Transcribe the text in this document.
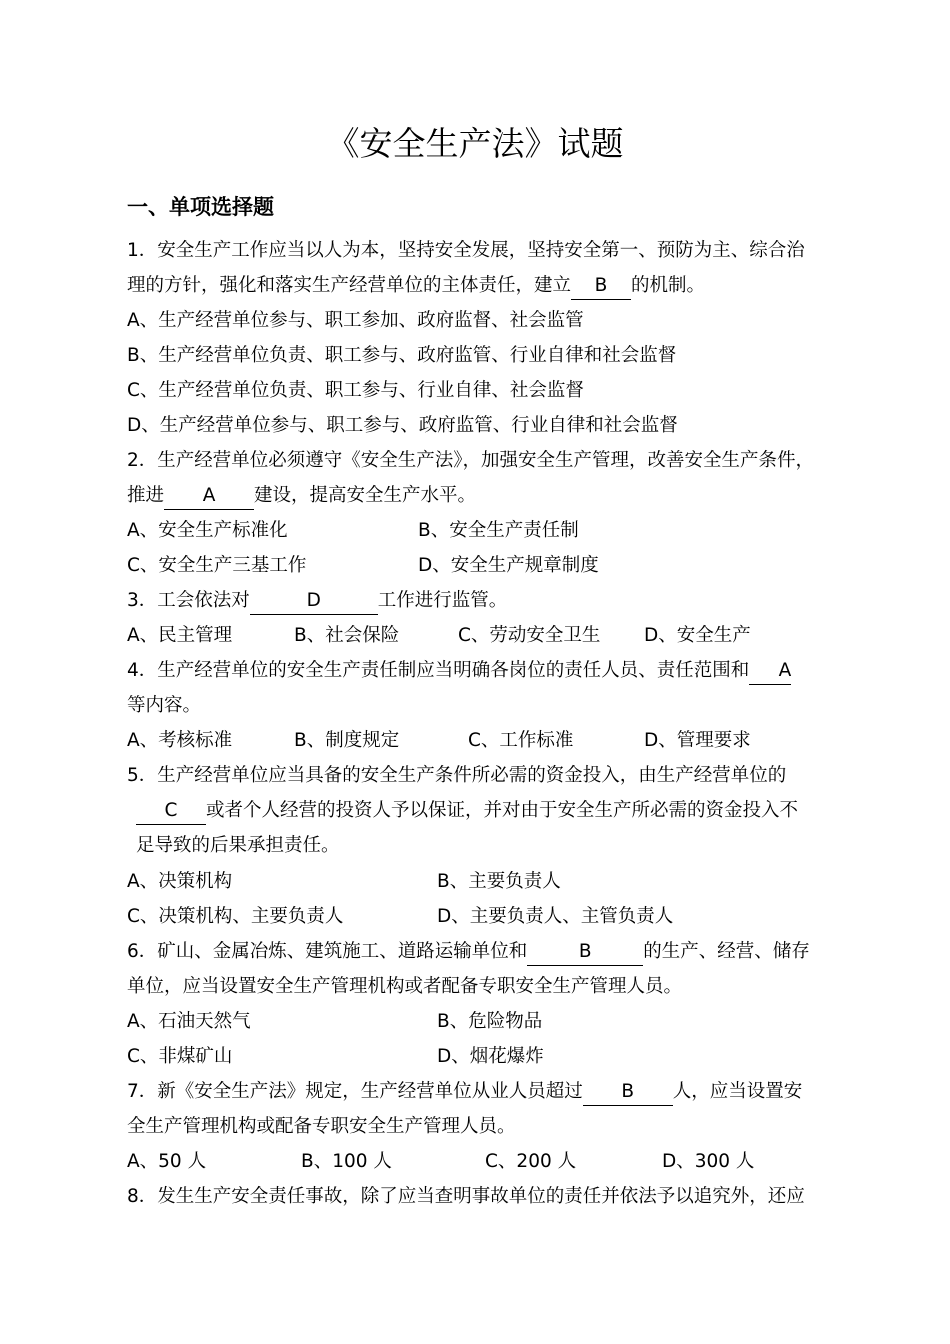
《安全生产法》试题
一、单项选择题
1．安全生产工作应当以人为本，坚持安全发展，坚持安全第一、预防为主、综合治
理的方针，强化和落实生产经营单位的主体责任，建立 B 的机制。
A、生产经营单位参与、职工参加、政府监督、社会监管
B、生产经营单位负责、职工参与、政府监管、行业自律和社会监督
C、生产经营单位负责、职工参与、行业自律、社会监督
D、生产经营单位参与、职工参与、政府监管、行业自律和社会监督
2．生产经营单位必须遵守《安全生产法》，加强安全生产管理，改善安全生产条件，
推进 A 建设，提高安全生产水平。
A、安全生产标准化	B、安全生产责任制
C、安全生产三基工作	D、安全生产规章制度
3．工会依法对	D	工作进行监管。
A、民主管理	B、社会保险	C、劳动安全卫生 D、安全生产
4．生产经营单位的安全生产责任制应当明确各岗位的责任人员、责任范围和 A
等内容。
A、考核标准	B、制度规定	C、工作标准	D、管理要求
5．生产经营单位应当具备的安全生产条件所必需的资金投入，由生产经营单位的
C 或者个人经营的投资人予以保证，并对由于安全生产所必需的资金投入不
足导致的后果承担责任。
A、决策机构	B、主要负责人
C、决策机构、主要负责人	D、主要负责人、主管负责人
6．矿山、金属冶炼、建筑施工、道路运输单位和	B	的生产、经营、储存
单位，应当设置安全生产管理机构或者配备专职安全生产管理人员。
A、石油天然气	B、危险物品
C、非煤矿山	D、烟花爆炸
7．新《安全生产法》规定，生产经营单位从业人员超过 B 人，应当设置安
全生产管理机构或配备专职安全生产管理人员。
A、50 人	B、100 人	C、200 人	D、300 人
8．发生生产安全责任事故，除了应当查明事故单位的责任并依法予以追究外，还应
